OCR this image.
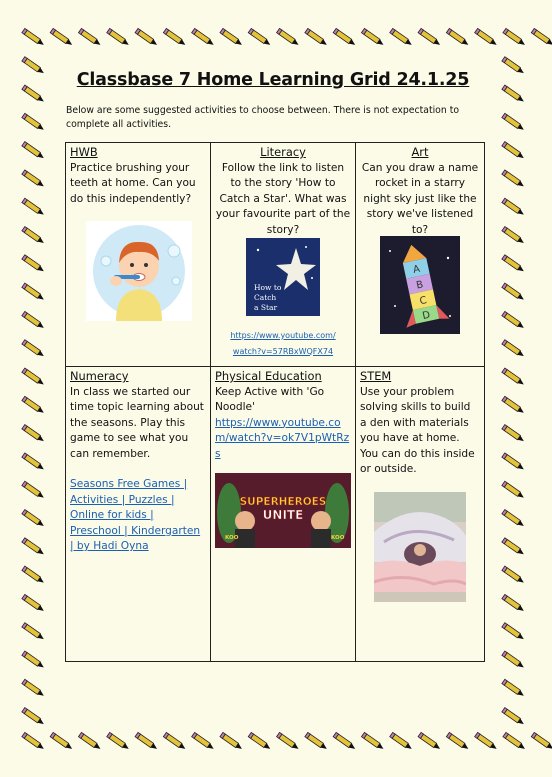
Classbase 7 Home Learning Grid 24.1.25

Below are some suggested activities to choose between. There is not expectation to complete all activities.

HWB
Practice brushing your teeth at home. Can you do this independently?
Literacy
Follow the link to listen to the story 'How to Catch a Star'. What was your favourite part of the story?
How to
Catch
a Star
https://www.youtube.com/
watch?v=57RBxWQFX74
Art
Can you draw a name rocket in a starry night sky just like the story we've listened to?
A
B
C
D
Numeracy
In class we started our time topic learning about the seasons. Play this game to see what you can remember.
Seasons Free Games | Activities | Puzzles | Online for kids | Preschool | Kindergarten | by Hadi Oyna
Physical Education
Keep Active with 'Go Noodle'
https://www.youtube.com/watch?v=ok7V1pWtRzs
SUPERHEROES
UNITE
KOO	KOO
STEM
Use your problem solving skills to build a den with materials you have at home. You can do this inside or outside.
